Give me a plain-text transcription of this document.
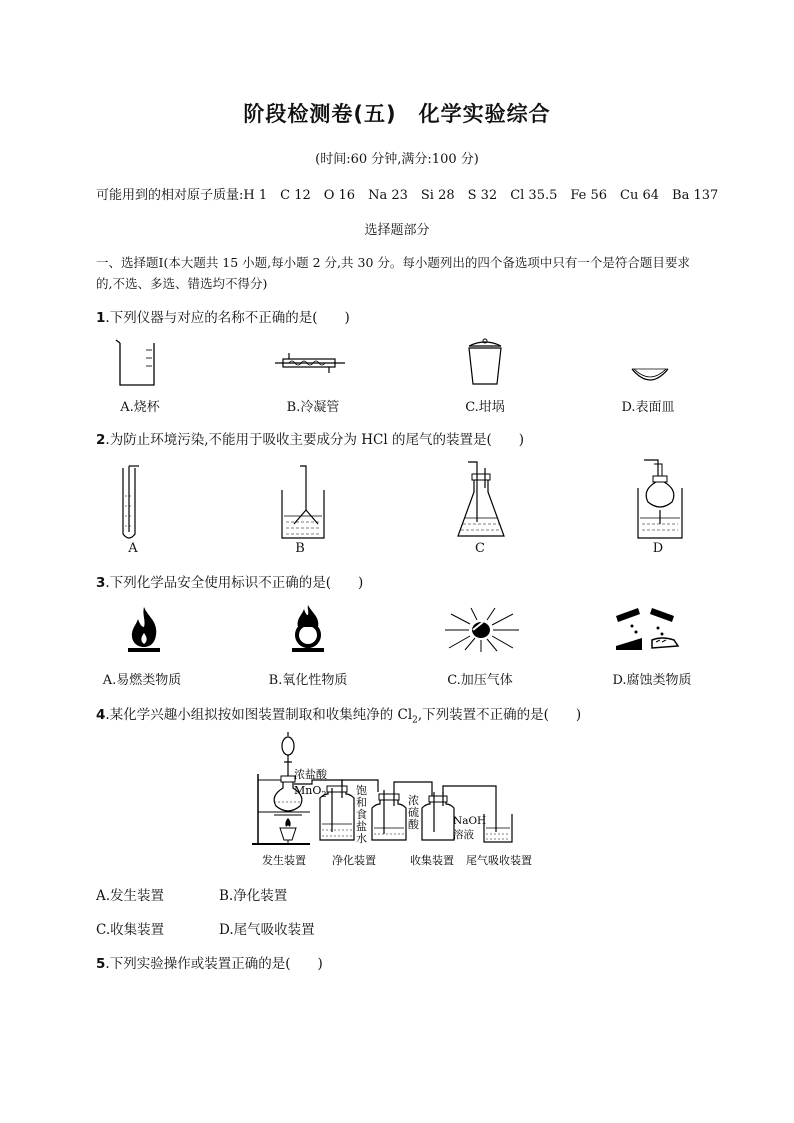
阶段检测卷(五)　化学实验综合
(时间:60 分钟,满分:100 分)
可能用到的相对原子质量:H 1　C 12　O 16　Na 23　Si 28　S 32　Cl 35.5　Fe 56　Cu 64　Ba 137
选择题部分
一、选择题Ⅰ(本大题共 15 小题,每小题 2 分,共 30 分。每小题列出的四个备选项中只有一个是符合题目要求的,不选、多选、错选均不得分)
1.下列仪器与对应的名称不正确的是(　　)
A.烧杯	B.冷凝管	C.坩埚	D.表面皿
2.为防止环境污染,不能用于吸收主要成分为 HCl 的尾气的装置是(　　)
A	B	C	D
3.下列化学品安全使用标识不正确的是(　　)
A.易燃类物质	B.氧化性物质	C.加压气体	D.腐蚀类物质
4.某化学兴趣小组拟按如图装置制取和收集纯净的 $Cl_2$,下列装置不正确的是(　　)
浓盐酸
MnO$_2$	饱 和 食 盐 水
浓 硫 酸	NaOH
溶液
发生装置 净化装置	收集装置 尾气吸收装置
A.发生装置	B.净化装置
C.收集装置	D.尾气吸收装置
5.下列实验操作或装置正确的是(　　)
